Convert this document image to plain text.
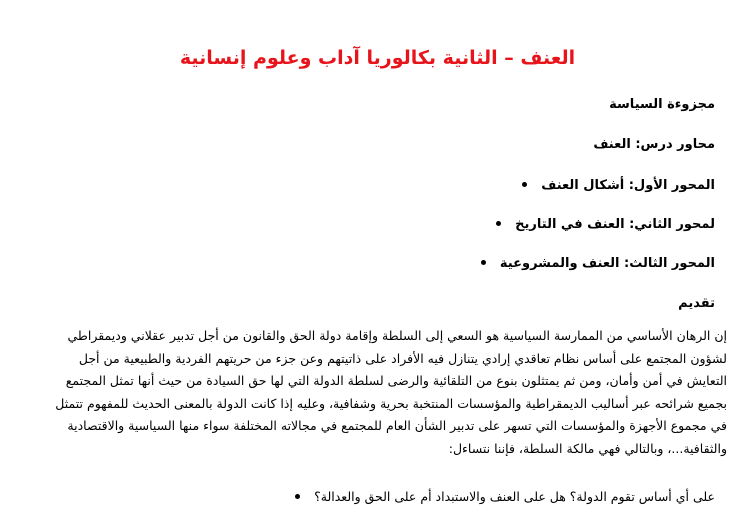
العنف – الثانية بكالوريا آداب وعلوم إنسانية
مجزوءة السياسة
محاور درس: العنف
المحور الأول: أشكال العنف
لمحور الثاني: العنف في التاريخ
المحور الثالث: العنف والمشروعية
تقديم
إن الرهان الأساسي من الممارسة السياسية هو السعي إلى السلطة وإقامة دولة الحق والقانون من أجل تدبير عقلاني وديمقراطي
لشؤون المجتمع على أساس نظام تعاقدي إرادي يتنازل فيه الأفراد على ذاتيتهم وعن جزء من حريتهم الفردية والطبيعية من أجل
التعايش في أمن وأمان، ومن ثم يمتثلون بنوع من التلقائية والرضى لسلطة الدولة التي لها حق السيادة من حيث أنها تمثل المجتمع
بجميع شرائحه عبر أساليب الديمقراطية والمؤسسات المنتخبة بحرية وشفافية، وعليه إذا كانت الدولة بالمعنى الحديث للمفهوم تتمثل
في مجموع الأجهزة والمؤسسات التي تسهر على تدبير الشأن العام للمجتمع في مجالاته المختلفة سواء منها السياسية والاقتصادية
والثقافية...، وبالتالي فهي مالكة السلطة، فإننا نتساءل:
على أي أساس تقوم الدولة؟ هل على العنف والاستبداد أم على الحق والعدالة؟
